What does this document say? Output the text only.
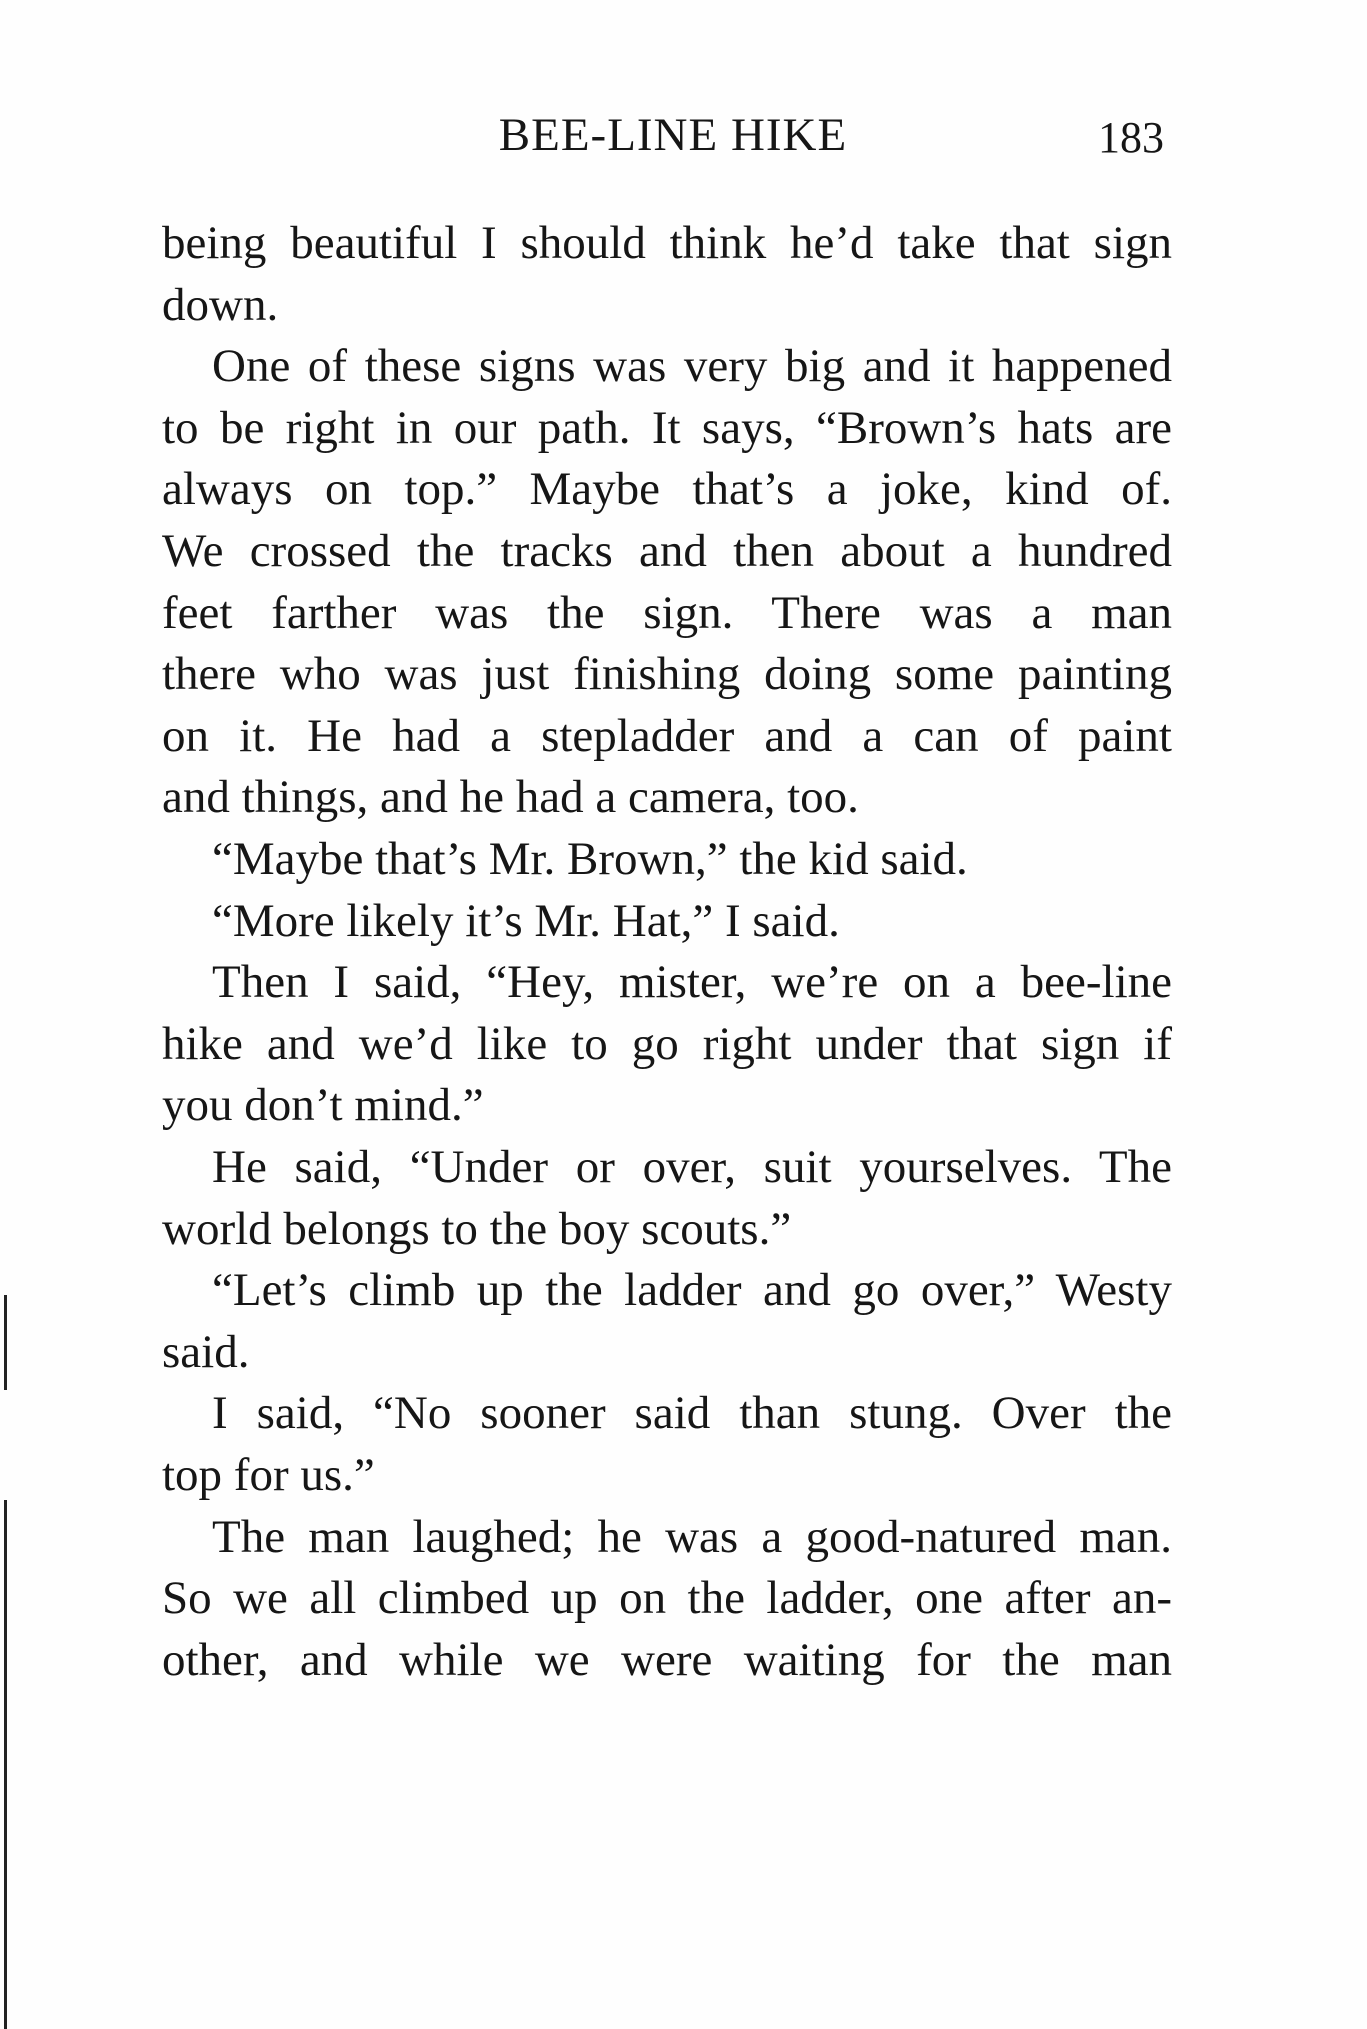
BEE-LINE HIKE	183
being beautiful I should think he’d take that sign
down.
One of these signs was very big and it happened
to be right in our path. It says, “Brown’s hats are
always on top.” Maybe that’s a joke, kind of.
We crossed the tracks and then about a hundred
feet farther was the sign. There was a man
there who was just finishing doing some painting
on it. He had a stepladder and a can of paint
and things, and he had a camera, too.
“Maybe that’s Mr. Brown,” the kid said.
“More likely it’s Mr. Hat,” I said.
Then I said, “Hey, mister, we’re on a bee-line
hike and we’d like to go right under that sign if
you don’t mind.”
He said, “Under or over, suit yourselves. The
world belongs to the boy scouts.”
“Let’s climb up the ladder and go over,” Westy
said.
I said, “No sooner said than stung. Over the
top for us.”
The man laughed; he was a good-natured man.
So we all climbed up on the ladder, one after an-
other, and while we were waiting for the man
